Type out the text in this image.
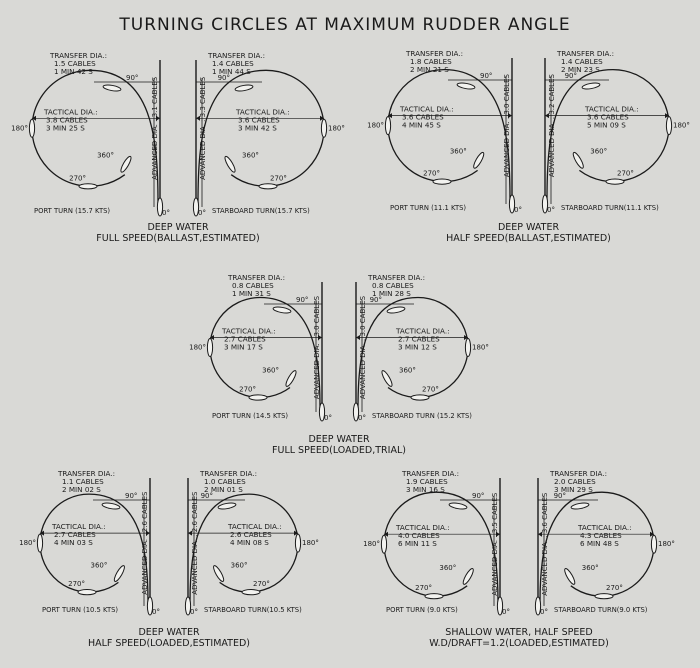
TURNING CIRCLES AT MAXIMUM RUDDER ANGLE
180°
270°
360°
90°
0°
TRANSFER DIA.:
1.5 CABLES
1 MIN 42 S
TACTICAL DIA.:
3.8 CABLES
3 MIN 25 S	ADVANCED DIA. : 3.1 CABLES
PORT TURN (15.7 KTS)
180°
270°
360°
90°
0°
TRANSFER DIA.:
1.4 CABLES
1 MIN 44 S
TACTICAL DIA.:
3.6 CABLES
3 MIN 42 S
ADVANCED DIA. : 3.3 CABLES
STARBOARD TURN(15.7 KTS)
DEEP WATER
FULL SPEED(BALLAST,ESTIMATED)
180°
270°
360°
90°
0°
TRANSFER DIA.:
1.8 CABLES
2 MIN 21 S
TACTICAL DIA.:
3.6 CABLES
4 MIN 45 S	ADVANCED DIA. : 3.0 CABLES
PORT TURN (11.1 KTS)
180°
270°
360°
90°
0°
TRANSFER DIA.:
1.4 CABLES
2 MIN 23 S
TACTICAL DIA.:
3.6 CABLES
5 MIN 09 S
ADVANCED DIA. : 3.2 CABLES
STARBOARD TURN(11.1 KTS)
DEEP WATER
HALF SPEED(BALLAST,ESTIMATED)
180°
270°
360°
90°
0°
TRANSFER DIA.:
0.8 CABLES
1 MIN 31 S
TACTICAL DIA.:
2.7 CABLES
3 MIN 17 S	ADVANCED DIA. : 3.0 CABLES
PORT TURN (14.5 KTS)
180°
270°
360°
90°
0°
TRANSFER DIA.:
0.8 CABLES
1 MIN 28 S
TACTICAL DIA.:
2.7 CABLES
3 MIN 12 S
ADVANCED DIA. : 3.0 CABLES
STARBOARD TURN (15.2 KTS)
DEEP WATER
FULL SPEED(LOADED,TRIAL)
180°
270°
360°
90°
0°
TRANSFER DIA.:
1.1 CABLES
2 MIN 02 S
TACTICAL DIA.:
2.7 CABLES
4 MIN 03 S	ADVANCED DIA. : 2.6 CABLES
PORT TURN (10.5 KTS)
180°
270°
360°
90°
0°
TRANSFER DIA.:
1.0 CABLES
2 MIN 01 S
TACTICAL DIA.:
2.6 CABLES
4 MIN 08 S
ADVANCED DIA. : 2.6 CABLES
STARBOARD TURN(10.5 KTS)
DEEP WATER
HALF SPEED(LOADED,ESTIMATED)
180°
270°
360°
90°
0°
TRANSFER DIA.:
1.9 CABLES
3 MIN 16 S
TACTICAL DIA.:
4.0 CABLES
6 MIN 11 S	ADVANCED DIA. : 3.5 CABLES
PORT TURN (9.0 KTS)
180°
270°
360°
90°
0°
TRANSFER DIA.:
2.0 CABLES
3 MIN 29 S
TACTICAL DIA.:
4.3 CABLES
6 MIN 48 S
ADVANCED DIA. : 3.6 CABLES
STARBOARD TURN(9.0 KTS)
SHALLOW WATER, HALF SPEED
W.D/DRAFT=1.2(LOADED,ESTIMATED)
